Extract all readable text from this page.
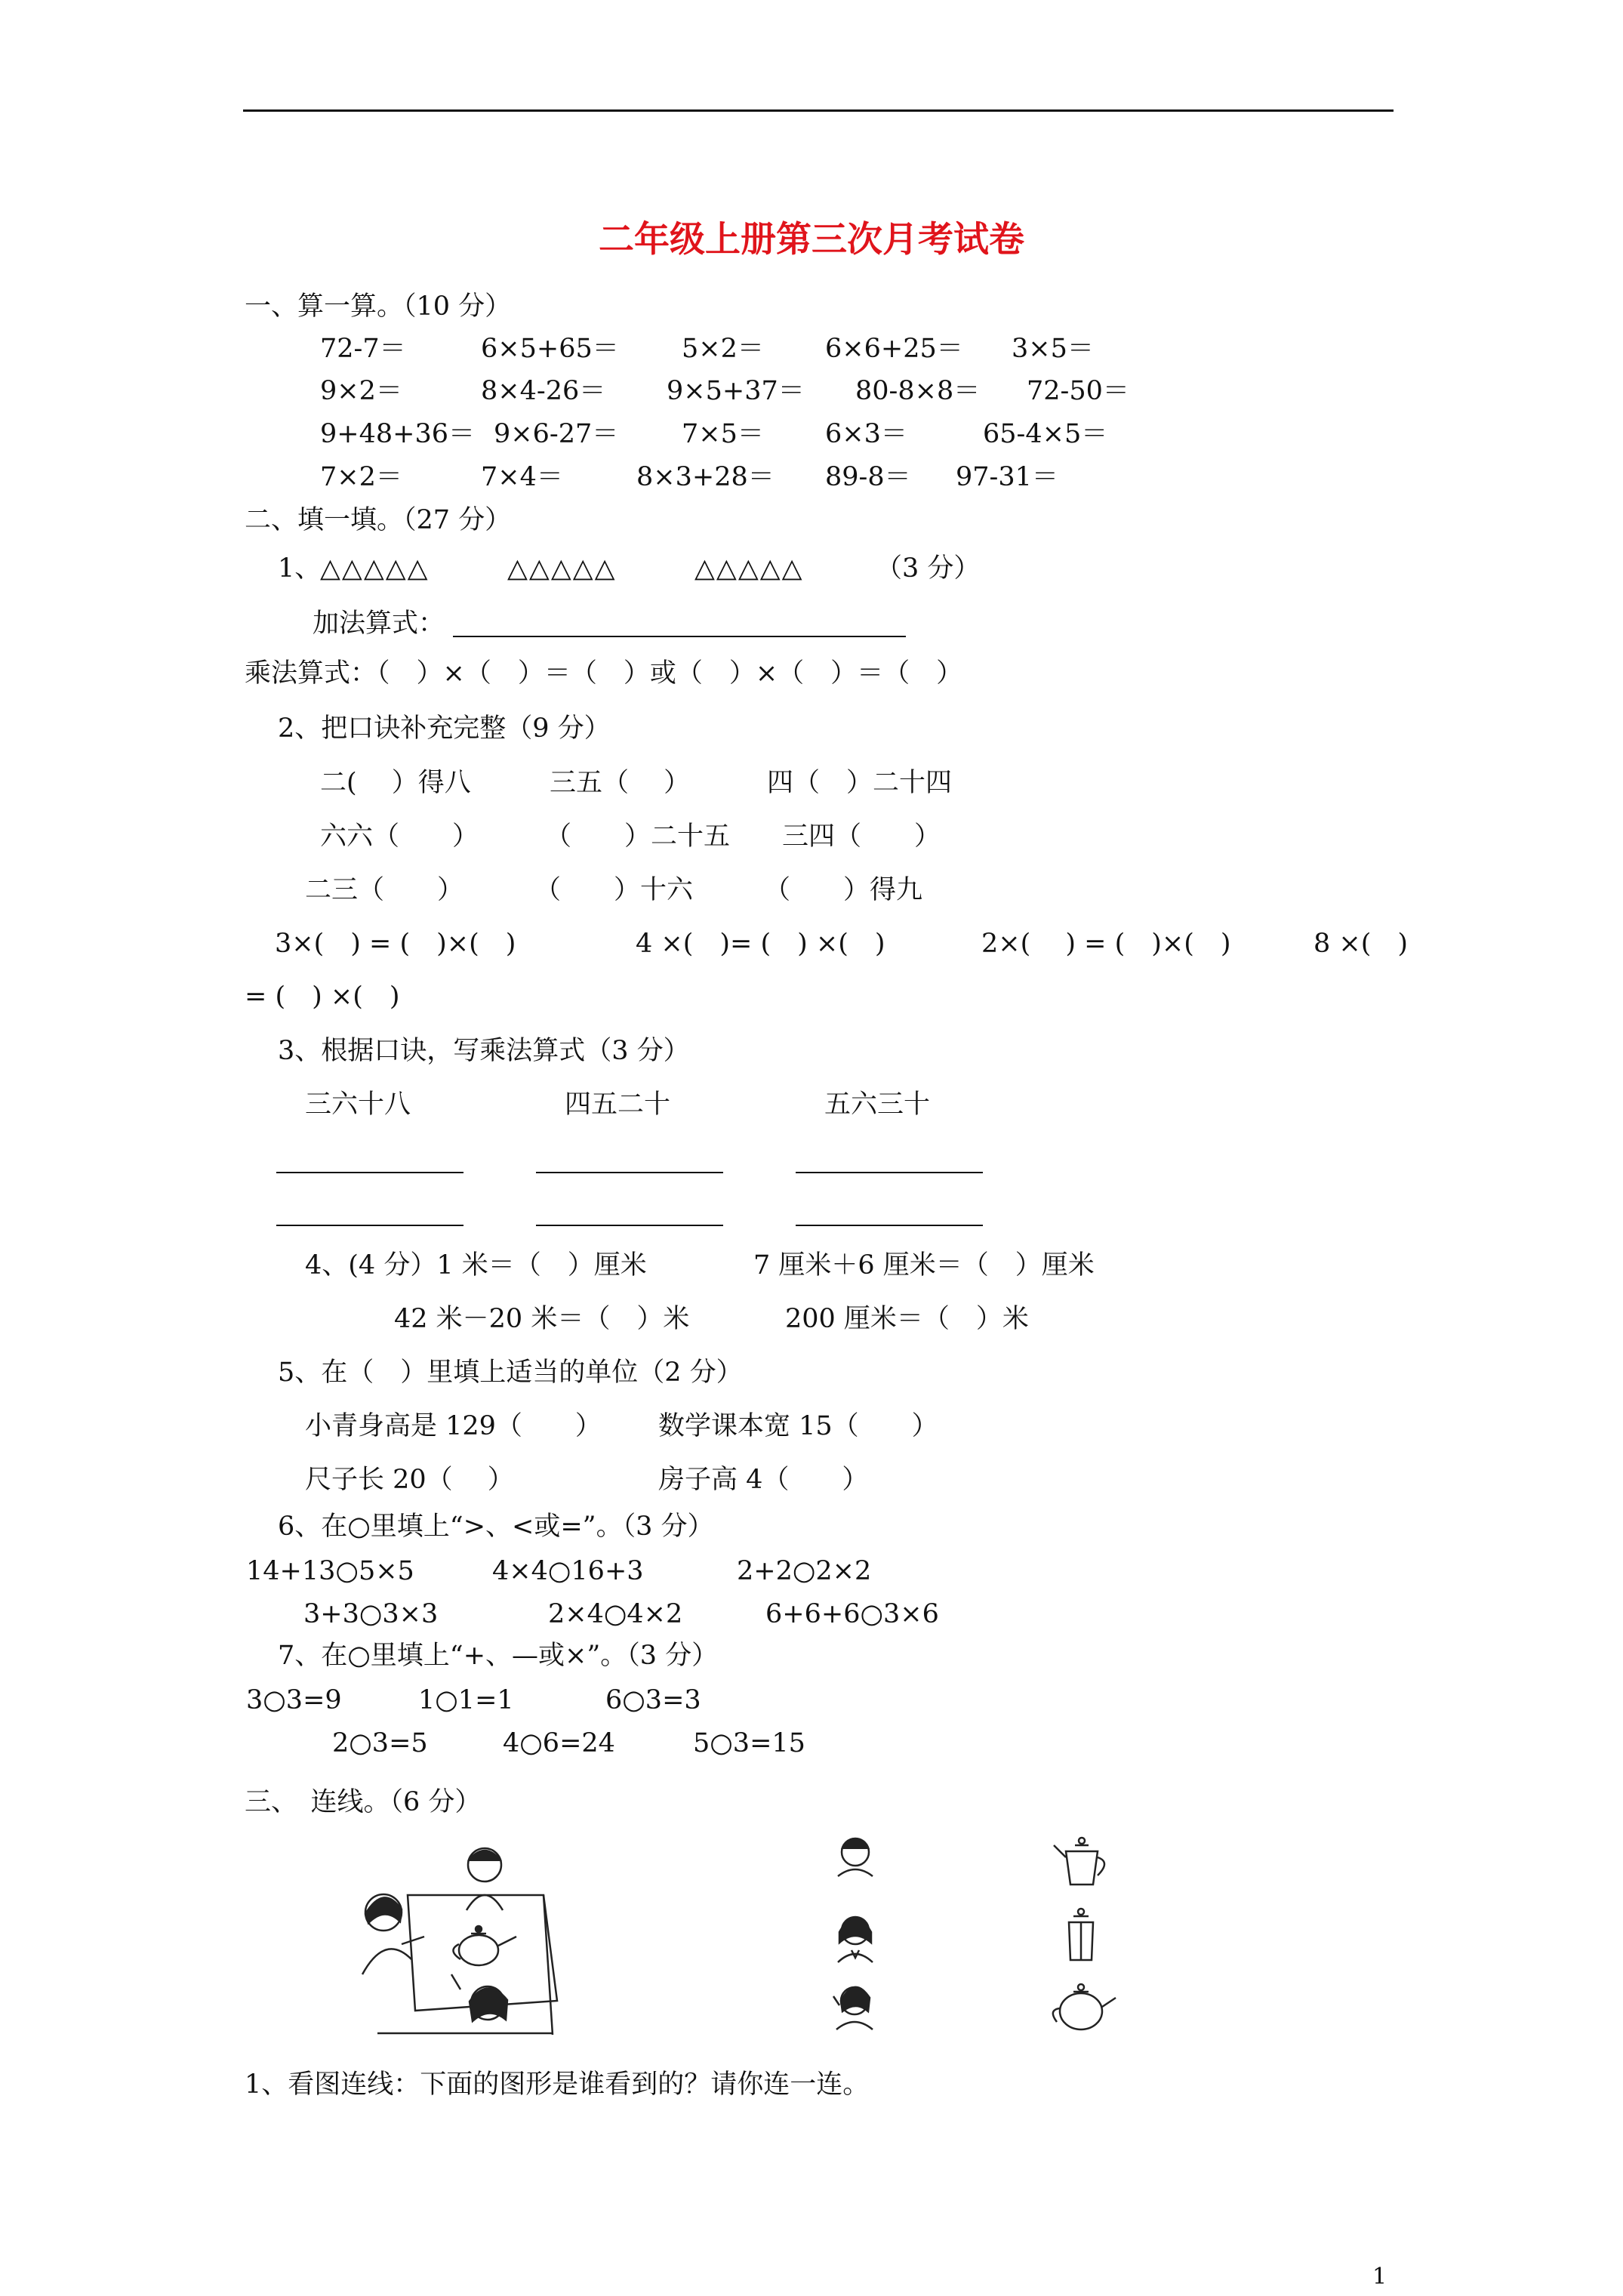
二年级上册第三次月考试卷
一、算一算。（10 分）
72-7＝	6×5+65＝ 5×2＝ 6×6+25＝ 3×5＝
9×2＝	8×4-26＝ 9×5+37＝ 80-8×8＝ 72-50＝
9+48+36＝ 9×6-27＝ 7×5＝ 6×3＝	65-4×5＝
7×2＝	7×4＝	8×3+28＝ 89-8＝ 97-31＝
二、填一填。（27 分）
1、
△△△△△	△△△△△	△△△△△	（3 分）
加法算式：
乘法算式：（　）×（　）＝（　）或（　）×（　）＝（　）
2、把口诀补充完整（9 分）
二(　 ）得八	三五（　 ）	四（　）二十四
六六（　　）	（　　）二十五 三四（　　）
二三（　　）	（　　）十六	（　　）得九
3×(　) = (　)×(　)	4 ×(　)= (　) ×(　)	2×(　 ) = (　)×(　)	8 ×(　)
= (　) ×(　)
3、根据口诀，写乘法算式（3 分）
三六十八	四五二十	五六三十
4、(4 分）1 米＝（　）厘米	7 厘米＋6 厘米＝（　）厘米
42 米－20 米＝（　）米	200 厘米＝（　）米
5、在（　）里填上适当的单位（2 分）
小青身高是 129（　　） 数学课本宽 15（　　）
尺子长 20（　 ）	房子高 4（　　）
6、在○里填上“>、<或=”。（3 分）
14+13○5×5	4×4○16+3	2+2○2×2
3+3○3×3	2×4○4×2	6+6+6○3×6
7、在○里填上“+、—或×”。（3 分）
3○3=9	1○1=1	6○3=3
2○3=5	4○6=24	5○3=15
三、　连线。（6 分）
1、看图连线：下面的图形是谁看到的？请你连一连。
1
